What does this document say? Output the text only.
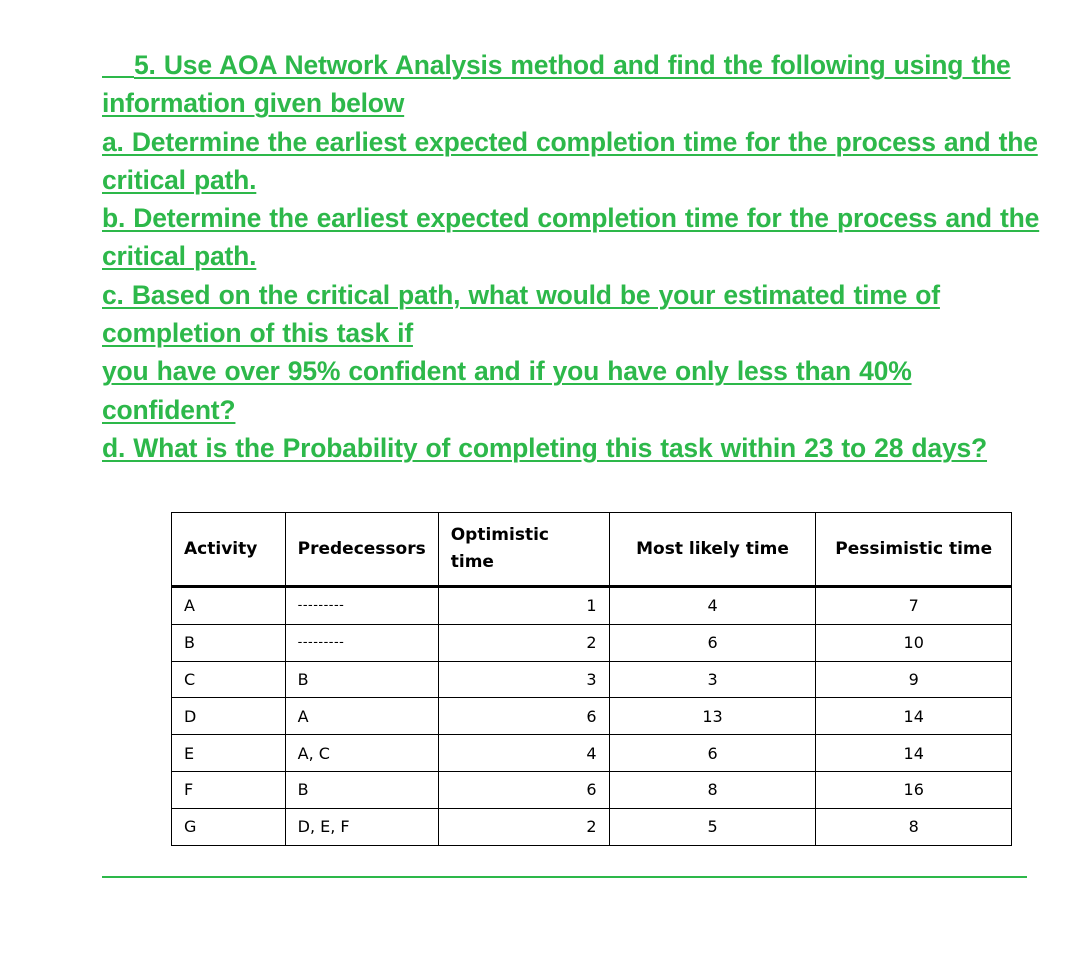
5. Use AOA Network Analysis method and find the following using the information given below

a. Determine the earliest expected completion time for the process and the critical path.

b. Determine the earliest expected completion time for the process and the critical path.

c. Based on the critical path, what would be your estimated time of completion of this task if

you have over 95% confident and if you have only less than 40% confident?

d. What is the Probability of completing this task within 23 to 28 days?

Activity	Predecessors	Optimistic time	Most likely time	Pessimistic time

A	---------	1	4	7
B	---------	2	6	10
C	B	3	3	9
D	A	6	13	14
E	A, C	4	6	14
F	B	6	8	16
G	D, E, F	2	5	8
